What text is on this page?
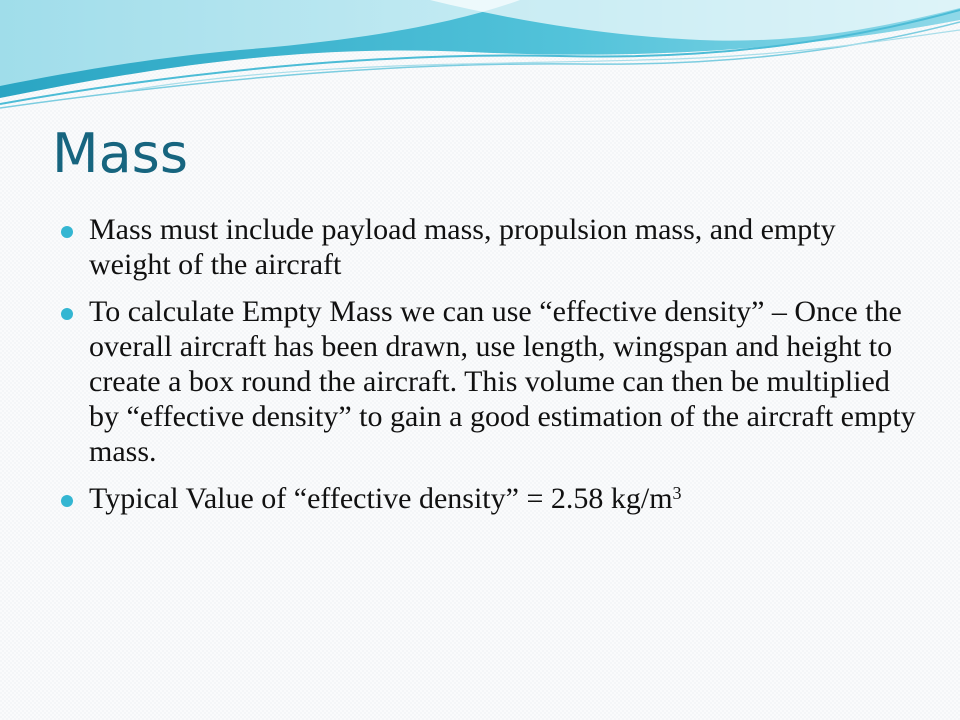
Mass
Mass must include payload mass, propulsion mass, and empty weight of the aircraft
To calculate Empty Mass we can use “effective density” – Once the overall aircraft has been drawn, use length, wingspan and height to create a box round the aircraft. This volume can then be multiplied by “effective density” to gain a good estimation of the aircraft empty mass.
Typical Value of “effective density” = 2.58 $kg/m^3$
